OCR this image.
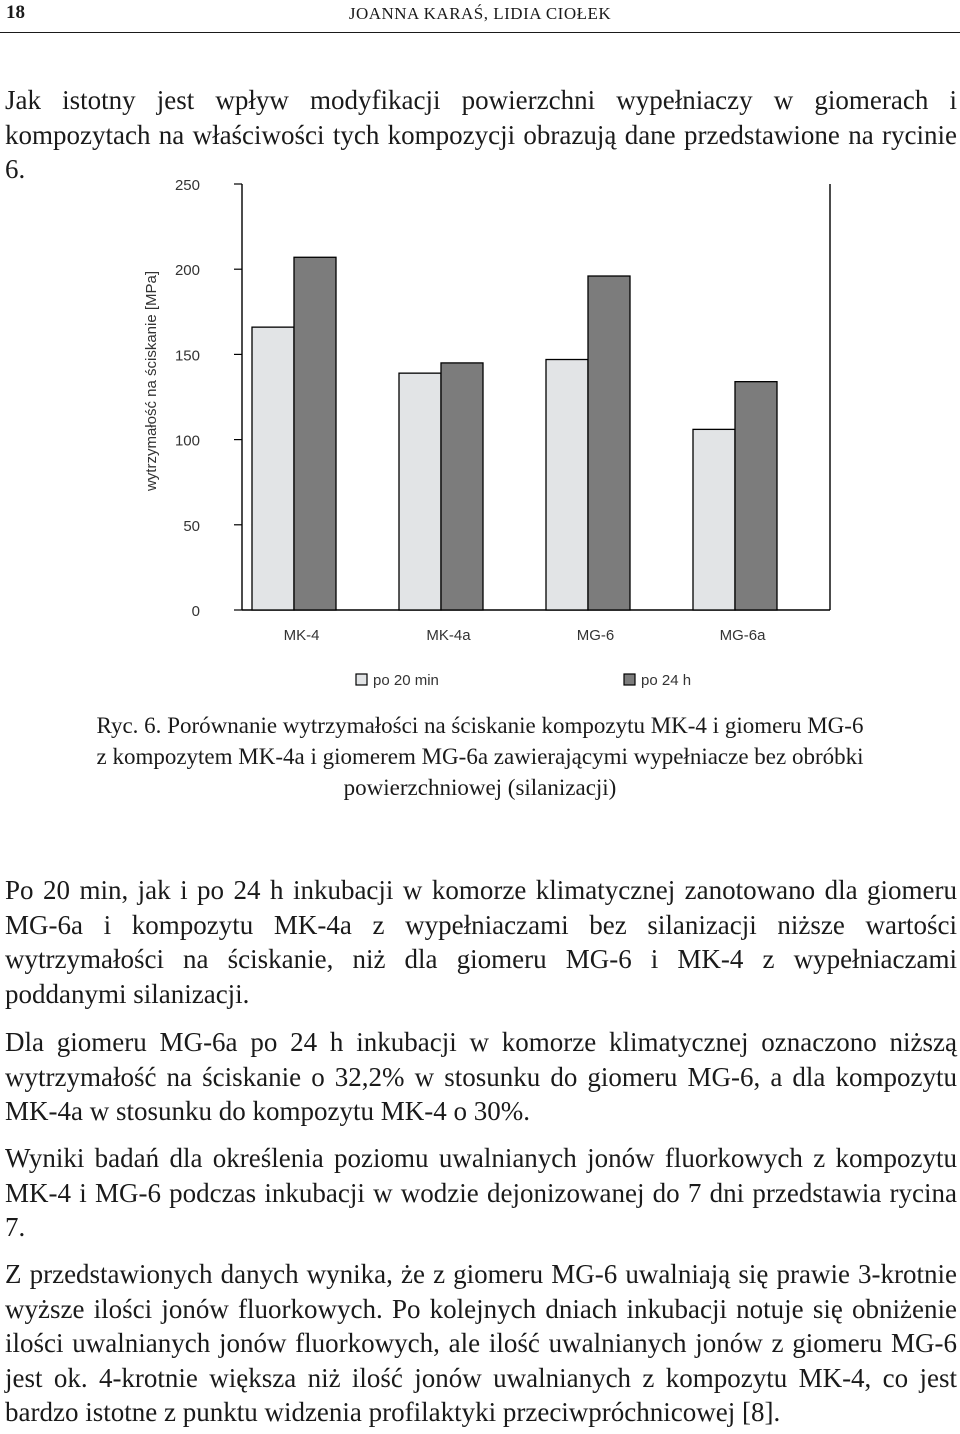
18	JOANNA KARAŚ, LIDIA CIOŁEK

Jak istotny jest wpływ modyfikacji powierzchni wypełniaczy w giomerach i kompozytach na właściwości tych kompozycji obrazują dane przedstawione na rycinie 6.

0
50
100
150
200
250
wytrzymałość na ściskanie [MPa]
MK-4	MK-4a	MG-6	MG-6a
po 20 min	po 24 h
Ryc. 6. Porównanie wytrzymałości na ściskanie kompozytu MK-4 i giomeru MG-6 z kompozytem MK-4a i giomerem MG-6a zawierającymi wypełniacze bez obróbki powierzchniowej (silanizacji)

Po 20 min, jak i po 24 h inkubacji w komorze klimatycznej zanotowano dla giomeru MG-6a i kompozytu MK-4a z wypełniaczami bez silanizacji niższe wartości wytrzymałości na ściskanie, niż dla giomeru MG-6 i MK-4 z wypełniaczami poddanymi silanizacji.

Dla giomeru MG-6a po 24 h inkubacji w komorze klimatycznej oznaczono niższą wytrzymałość na ściskanie o 32,2% w stosunku do giomeru MG-6, a dla kompozytu MK-4a w stosunku do kompozytu MK-4 o 30%.

Wyniki badań dla określenia poziomu uwalnianych jonów fluorkowych z kompozytu MK-4 i MG-6 podczas inkubacji w wodzie dejonizowanej do 7 dni przedstawia rycina 7.

Z przedstawionych danych wynika, że z giomeru MG-6 uwalniają się prawie 3-krotnie wyższe ilości jonów fluorkowych. Po kolejnych dniach inkubacji notuje się obniżenie ilości uwalnianych jonów fluorkowych, ale ilość uwalnianych jonów z giomeru MG-6 jest ok. 4-krotnie większa niż ilość jonów uwalnianych z kompozytu MK-4, co jest bardzo istotne z punktu widzenia profilaktyki przeciwpróchnicowej [8].
